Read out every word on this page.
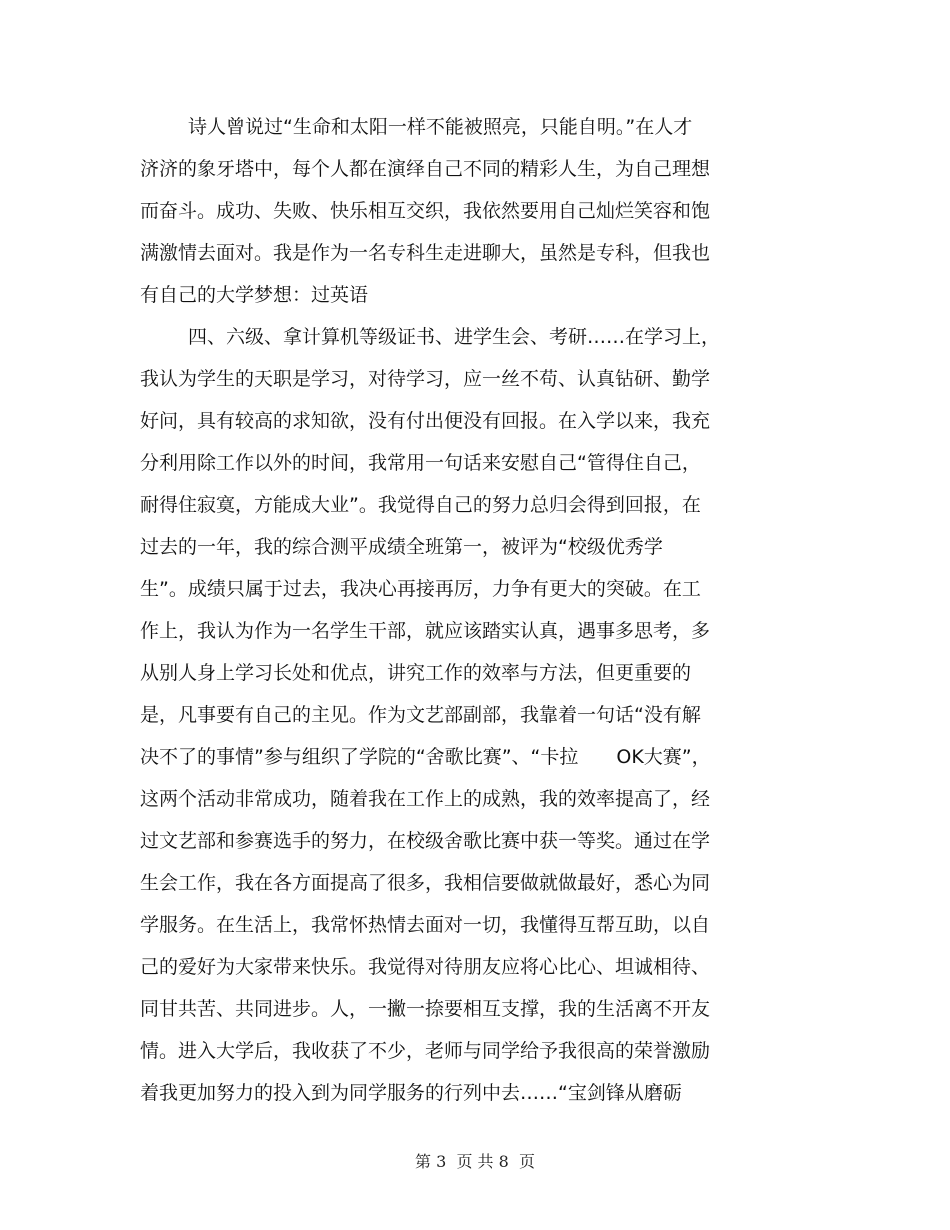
诗人曾说过“生命和太阳一样不能被照亮，只能自明。”在人才
济济的象牙塔中，每个人都在演绎自己不同的精彩人生，为自己理想
而奋斗。成功、失败、快乐相互交织，我依然要用自己灿烂笑容和饱
满激情去面对。我是作为一名专科生走进聊大，虽然是专科，但我也
有自己的大学梦想：过英语
四、六级、拿计算机等级证书、进学生会、考研……在学习上，
我认为学生的天职是学习，对待学习，应一丝不苟、认真钻研、勤学
好问，具有较高的求知欲，没有付出便没有回报。在入学以来，我充
分利用除工作以外的时间，我常用一句话来安慰自己“管得住自己，
耐得住寂寞，方能成大业”。我觉得自己的努力总归会得到回报，在
过去的一年，我的综合测平成绩全班第一，被评为“校级优秀学
生”。成绩只属于过去，我决心再接再厉，力争有更大的突破。在工
作上，我认为作为一名学生干部，就应该踏实认真，遇事多思考，多
从别人身上学习长处和优点，讲究工作的效率与方法，但更重要的
是，凡事要有自己的主见。作为文艺部副部，我靠着一句话“没有解
决不了的事情”参与组织了学院的“舍歌比赛”、“卡拉　　OK大赛”，
这两个活动非常成功，随着我在工作上的成熟，我的效率提高了，经
过文艺部和参赛选手的努力，在校级舍歌比赛中获一等奖。通过在学
生会工作，我在各方面提高了很多，我相信要做就做最好，悉心为同
学服务。在生活上，我常怀热情去面对一切，我懂得互帮互助，以自
己的爱好为大家带来快乐。我觉得对待朋友应将心比心、坦诚相待、
同甘共苦、共同进步。人，一撇一捺要相互支撑，我的生活离不开友
情。进入大学后，我收获了不少，老师与同学给予我很高的荣誉激励
着我更加努力的投入到为同学服务的行列中去……“宝剑锋从磨砺
第 3  页 共 8  页
